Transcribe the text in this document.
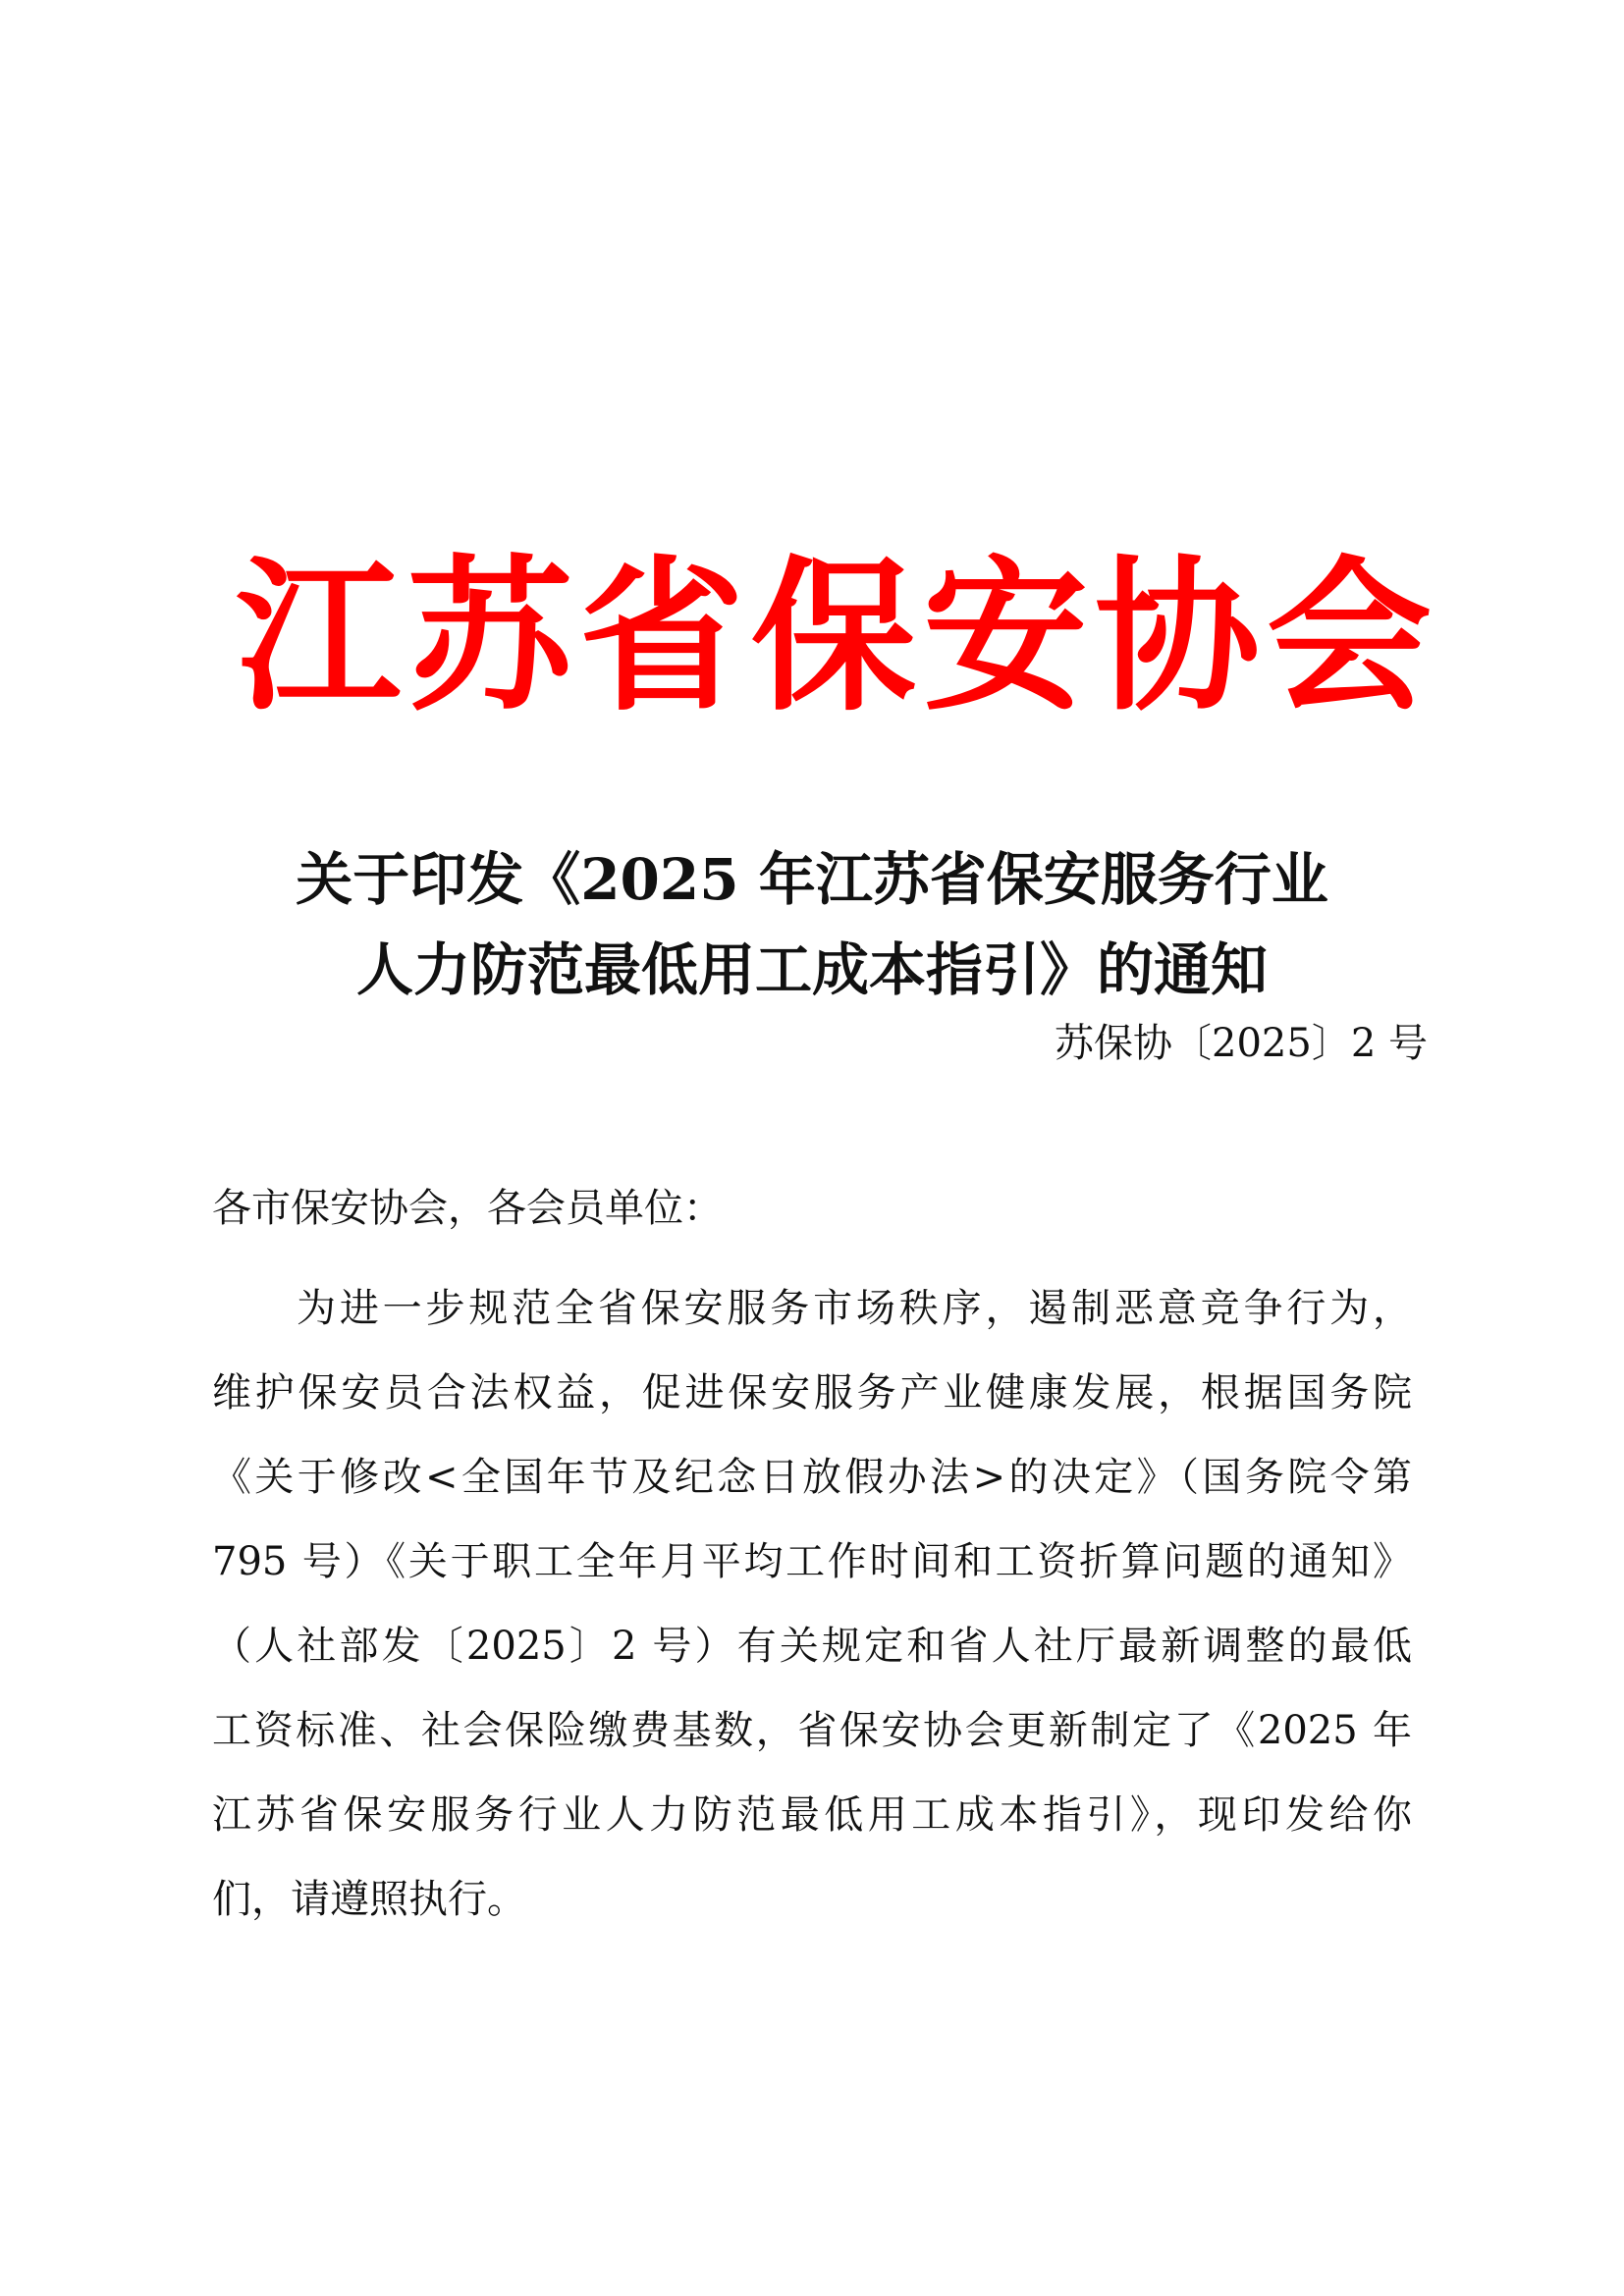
江 苏 省 保 安 协 会
关于印发《2025 年江苏省保安服务行业
人力防范最低用工成本指引》的通知
苏保协〔2025〕2 号
各市保安协会，各会员单位：
为进一步规范全省保安服务市场秩序，遏制恶意竞争行为，
维护保安员合法权益，促进保安服务产业健康发展，根据国务院
《关于修改<全国年节及纪念日放假办法>的决定》（国务院令第
795 号）《关于职工全年月平均工作时间和工资折算问题的通知》
（人社部发〔2025〕2 号）有关规定和省人社厅最新调整的最低
工资标准、社会保险缴费基数，省保安协会更新制定了《2025 年
江苏省保安服务行业人力防范最低用工成本指引》，现印发给你
们，请遵照执行。
